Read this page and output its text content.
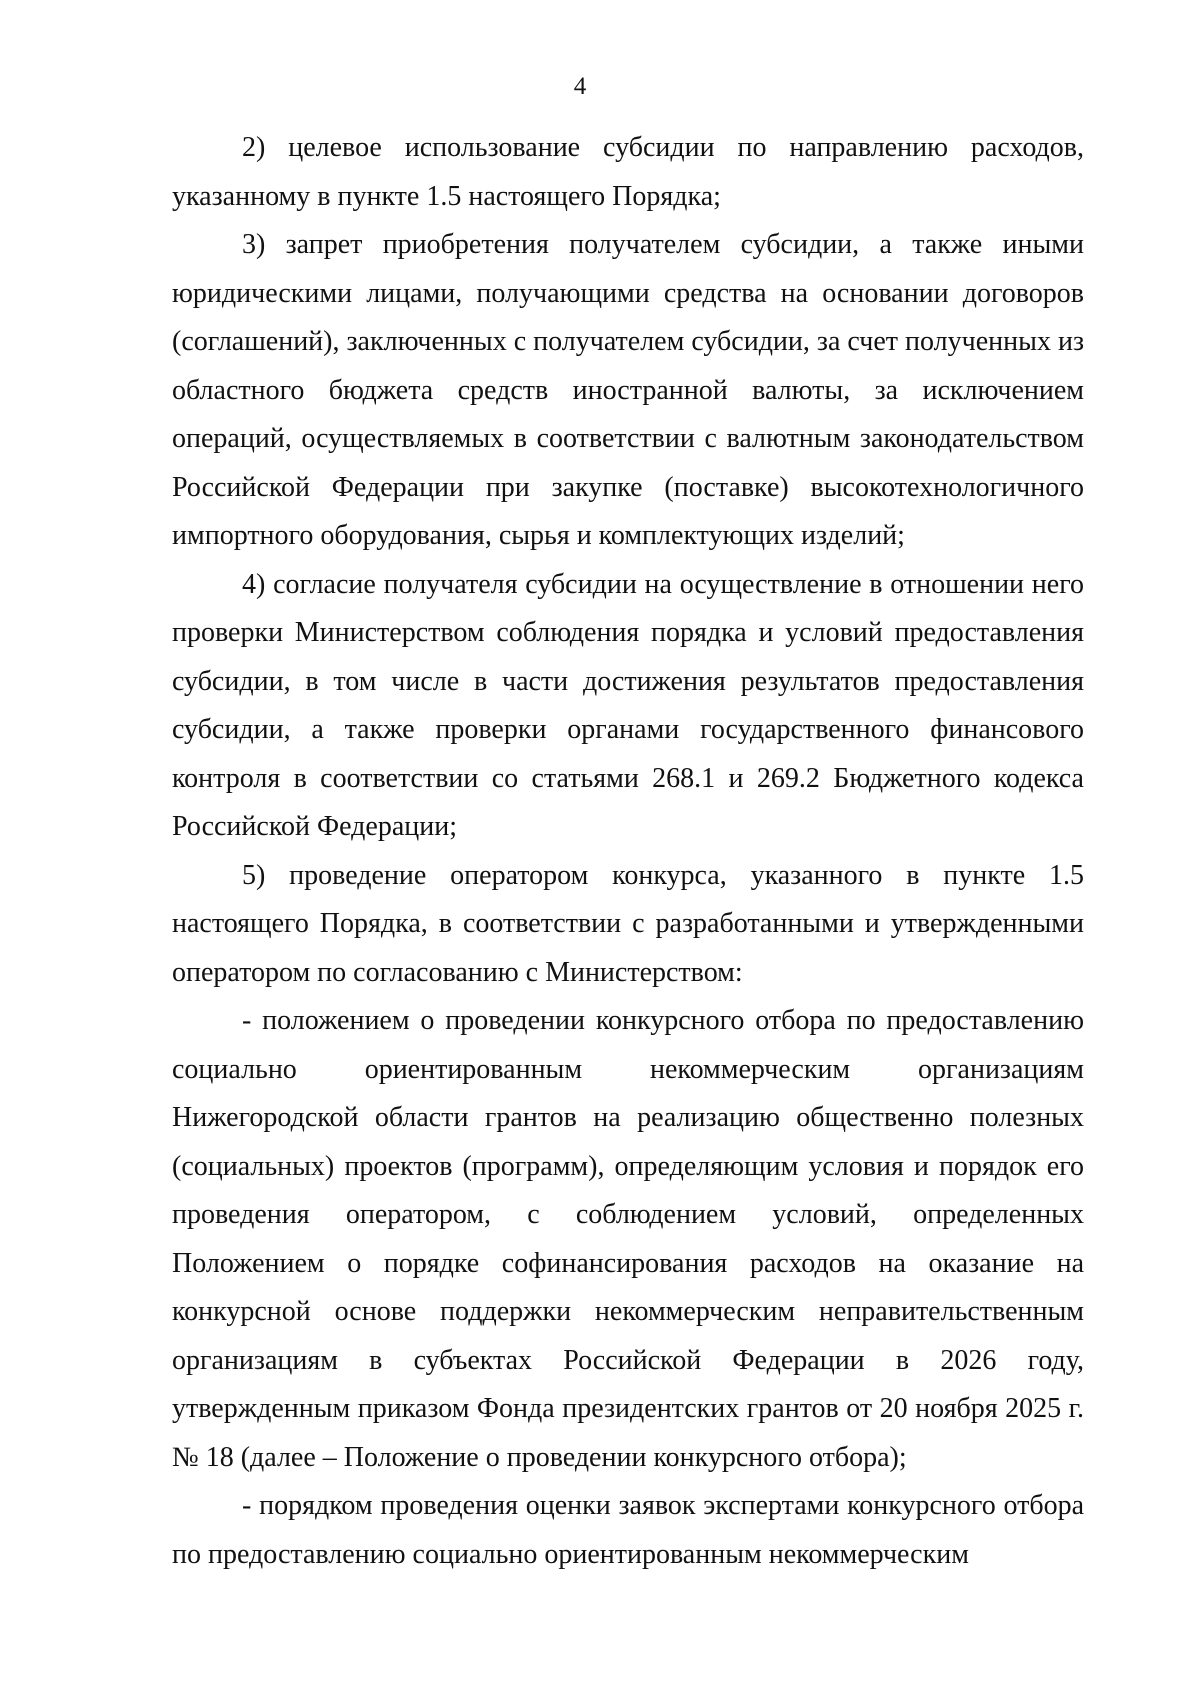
4

2) целевое использование субсидии по направлению расходов, указанному в пункте 1.5 настоящего Порядка;

3) запрет приобретения получателем субсидии, а также иными юридическими лицами, получающими средства на основании договоров (соглашений), заключенных с получателем субсидии, за счет полученных из областного бюджета средств иностранной валюты, за исключением операций, осуществляемых в соответствии с валютным законодательством Российской Федерации при закупке (поставке) высокотехнологичного импортного оборудования, сырья и комплектующих изделий;

4) согласие получателя субсидии на осуществление в отношении него проверки Министерством соблюдения порядка и условий предоставления субсидии, в том числе в части достижения результатов предоставления субсидии, а также проверки органами государственного финансового контроля в соответствии со статьями 268.1 и 269.2 Бюджетного кодекса Российской Федерации;

5) проведение оператором конкурса, указанного в пункте 1.5 настоящего Порядка, в соответствии с разработанными и утвержденными оператором по согласованию с Министерством:

- положением о проведении конкурсного отбора по предоставлению социально ориентированным некоммерческим организациям Нижегородской области грантов на реализацию общественно полезных (социальных) проектов (программ), определяющим условия и порядок его проведения оператором, с соблюдением условий, определенных Положением о порядке софинансирования расходов на оказание на конкурсной основе поддержки некоммерческим неправительственным организациям в субъектах Российской Федерации в 2026 году, утвержденным приказом Фонда президентских грантов от 20 ноября 2025 г. № 18 (далее – Положение о проведении конкурсного отбора);

- порядком проведения оценки заявок экспертами конкурсного отбора по предоставлению социально ориентированным некоммерческим
